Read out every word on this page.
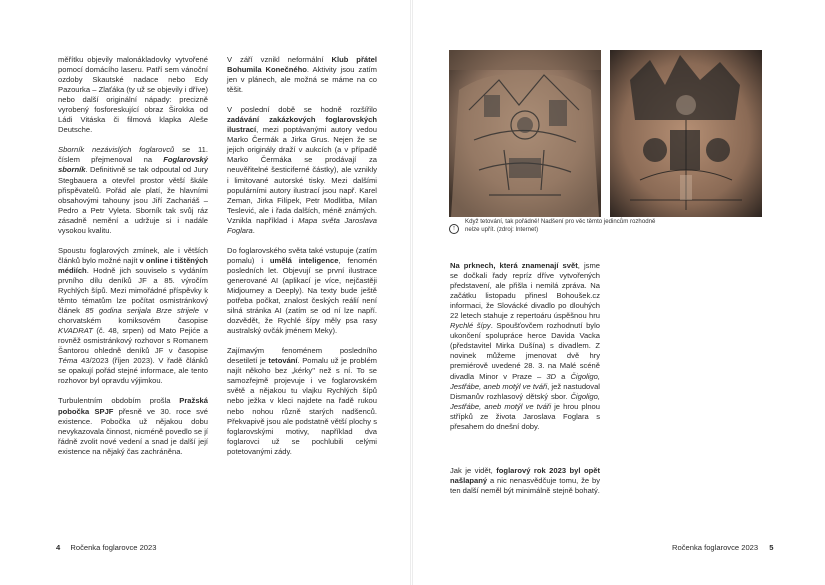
měřítku objevily malonákladovky vytvořené pomocí domácího laseru. Patří sem vánoční ozdoby Skautské nadace nebo Edy Pazourka – Zlaťáka (ty už se objevily i dříve) nebo další originální nápady: precizně vyrobený fosforeskující obraz Širokka od Ládi Vitáska či filmová klapka Aleše Deutsche.

Sborník nezávislých foglarovců se 11. číslem přejmenoval na Foglarovský sborník. Definitivně se tak odpoutal od Jury Stegbauera a otevřel prostor větší škále přispěvatelů. Pořád ale platí, že hlavními obsahovými tahouny jsou Jiří Zachariáš – Pedro a Petr Vyleta. Sborník tak svůj ráz zásadně nemění a udržuje si i nadále vysokou kvalitu.

Spoustu foglarových zmínek, ale i větších článků bylo možné najít v online i tištěných médiích. Hodně jich souviselo s vydáním prvního dílu deníků JF a 85. výročím Rychlých šípů. Mezi mimořádné příspěvky k těmto tématům lze počítat osmistránkový článek 85 godina serijala Brze strijele v chorvatském komiksovém časopise KVADRAT (č. 48, srpen) od Mato Pejiće a rovněž osmistránkový rozhovor s Romanem Šantorou ohledně deníků JF v časopise Téma 43/2023 (říjen 2023). V řadě článků se opakují pořád stejné informace, ale tento rozhovor byl opravdu výjimkou.

Turbulentním obdobím prošla Pražská pobočka SPJF přesně ve 30. roce své existence. Pobočka už nějakou dobu nevykazovala činnost, nicméně povedlo se jí řádně zvolit nové vedení a snad je další její existence na nějaký čas zachráněna.

V září vznikl neformální Klub přátel Bohumila Konečného. Aktivity jsou zatím jen v plánech, ale možná se máme na co těšit.

V poslední době se hodně rozšířilo zadávání zakázkových foglarovských ilustrací, mezi poptávanými autory vedou Marko Čermák a Jirka Grus. Nejen že se jejich originály draží v aukcích (a v případě Marko Čermáka se prodávají za neuvěřitelné šesticiferné částky), ale vznikly i limitované autorské tisky. Mezi dalšími populárními autory ilustrací jsou např. Karel Zeman, Jirka Filípek, Petr Modlitba, Milan Teslević, ale i řada dalších, méně známých. Vznikla například i Mapa světa Jaroslava Foglara.

Do foglarovského světa také vstupuje (zatím pomalu) i umělá inteligence, fenomén posledních let. Objevují se první ilustrace generované AI (aplikací je více, nejčastěji Midjourney a Deepl‌y). Na texty bude ještě potřeba počkat, znalost českých reálií není silná stránka AI (zatím se od ní lze napří. dozvědět, že Rychlé šípy měly psa rasy australský ovčák jménem Meky).

Zajímavým fenoménem posledního desetiletí je tetování. Pomalu už je problém najít někoho bez „kérky" než s ní. To se samozřejmě projevuje i ve foglarovském světě a nějakou tu vlajku Rychlých šípů nebo ježka v kleci najdete na řadě rukou nebo nohou různě starých nadšenců. Překvapivě jsou ale podstatně větší plochy s foglarovskými motivy, například dva foglarovci už se pochlubili celými potetovanými zády.

↑
Když tetování, tak pořádně! Nadšení pro věc těmto jedincům rozhodně nelze upřít. (zdroj: Internet)

Na prknech, která znamenají svět, jsme se dočkali řady repríz dříve vytvořených představení, ale přišla i nemilá zpráva. Na začátku listopadu přinesl Bohoušek.cz informaci, že Slovácké divadlo po dlouhých 22 letech stahuje z repertoáru úspěšnou hru Rychlé šípy. Spoušťovčem rozhodnutí bylo ukončení spolupráce herce Davida Vacka (představitel Mirka Dušína) s divadlem. Z novinek můžeme jmenovat dvě hry premiérově uvedené 28. 3. na Malé scéně divadla Minor v Praze – 3D a Čigoligo, Jestřábe, aneb motýl ve tváři, jež nastudoval Dismanův rozhlasový dětský sbor. Čigoligo, Jestřábe, aneb motýl ve tváři je hrou plnou střípků ze života Jaroslava Foglara s přesahem do dnešní doby.

Jak je vidět, foglarový rok 2023 byl opět našlapaný a nic nenasvědčuje tomu, že by ten další neměl být minimálně stejně bohatý.

4 Ročenka foglarovce 2023	Ročenka foglarovce 2023 5
